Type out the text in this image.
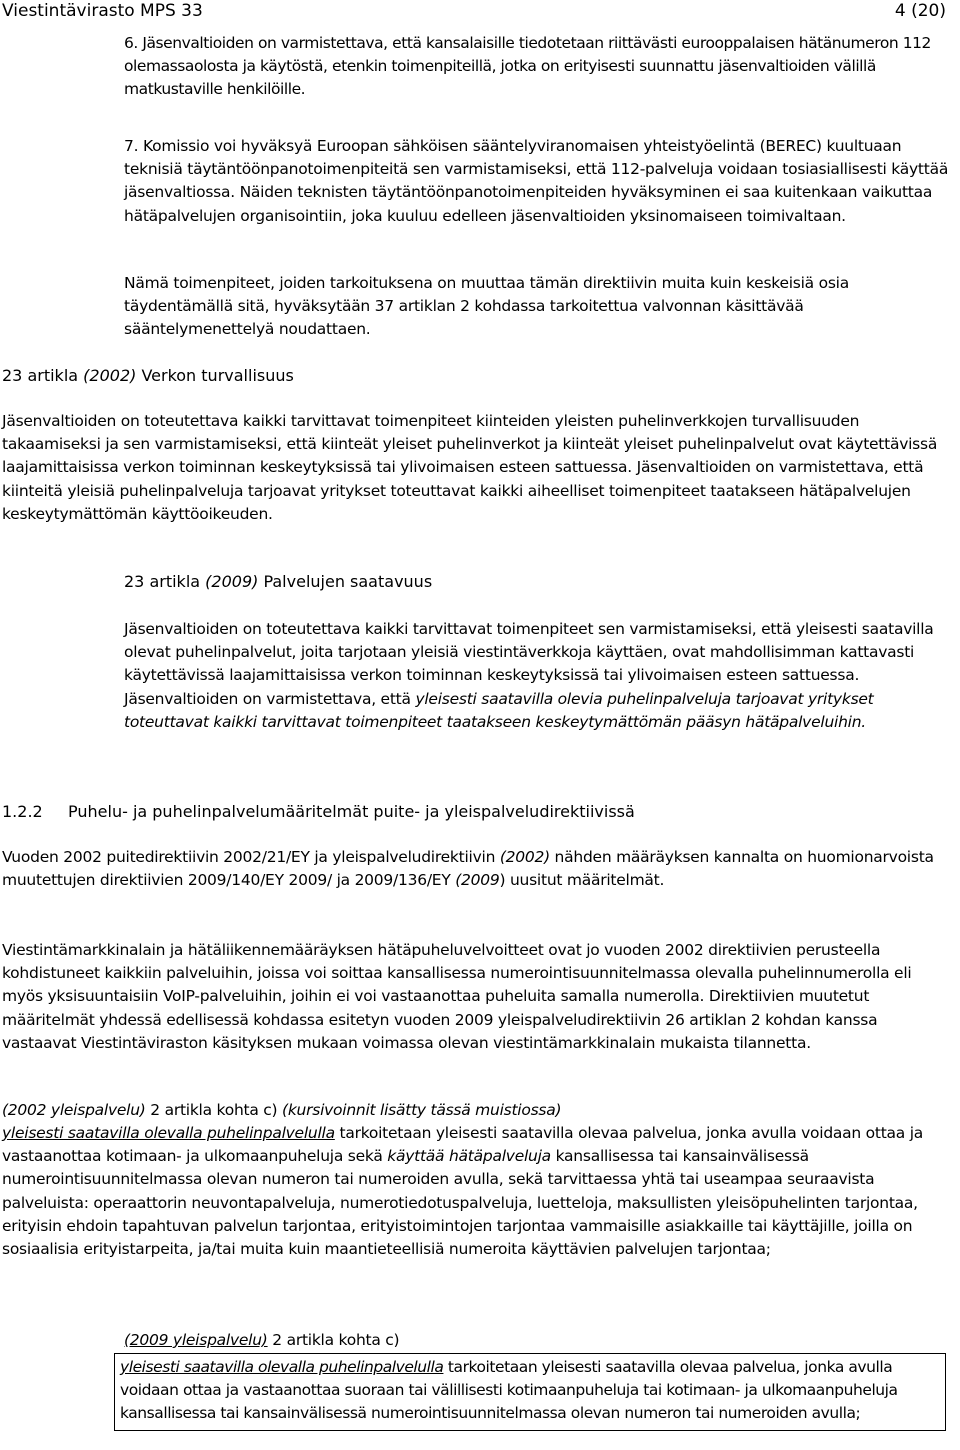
Viestintävirasto MPS 33	4 (20)

6. Jäsenvaltioiden on varmistettava, että kansalaisille tiedotetaan riittävästi eurooppalaisen hätänumeron 112 olemassaolosta ja käytöstä, etenkin toimenpiteillä, jotka on erityisesti suunnattu jäsenvaltioiden välillä matkustaville henkilöille.

7. Komissio voi hyväksyä Euroopan sähköisen sääntelyviranomaisen yhteistyöelintä (BEREC) kuultuaan teknisiä täytäntöönpanotoimenpiteitä sen varmistamiseksi, että 112-palveluja voidaan tosiasiallisesti käyttää jäsenvaltiossa. Näiden teknisten täytäntöönpanotoimenpiteiden hyväksyminen ei saa kuitenkaan vaikuttaa hätäpalvelujen organisointiin, joka kuuluu edelleen jäsenvaltioiden yksinomaiseen toimivaltaan.

Nämä toimenpiteet, joiden tarkoituksena on muuttaa tämän direktiivin muita kuin keskeisiä osia täydentämällä sitä, hyväksytään 37 artiklan 2 kohdassa tarkoitettua valvonnan käsittävää sääntelymenettelyä noudattaen.

23 artikla (2002) Verkon turvallisuus

Jäsenvaltioiden on toteutettava kaikki tarvittavat toimenpiteet kiinteiden yleisten puhelinverkkojen turvallisuuden takaamiseksi ja sen varmistamiseksi, että kiinteät yleiset puhelinverkot ja kiinteät yleiset puhelinpalvelut ovat käytettävissä laajamittaisissa verkon toiminnan keskeytyksissä tai ylivoimaisen esteen sattuessa. Jäsenvaltioiden on varmistettava, että kiinteitä yleisiä puhelinpalveluja tarjoavat yritykset toteuttavat kaikki aiheelliset toimenpiteet taatakseen hätäpalvelujen keskeytymättömän käyttöoikeuden.

23 artikla (2009) Palvelujen saatavuus

Jäsenvaltioiden on toteutettava kaikki tarvittavat toimenpiteet sen varmistamiseksi, että yleisesti saatavilla olevat puhelinpalvelut, joita tarjotaan yleisiä viestintäverkkoja käyttäen, ovat mahdollisimman kattavasti käytettävissä laajamittaisissa verkon toiminnan keskeytyksissä tai ylivoimaisen esteen sattuessa. Jäsenvaltioiden on varmistettava, että yleisesti saatavilla olevia puhelinpalveluja tarjoavat yritykset toteuttavat kaikki tarvittavat toimenpiteet taatakseen keskeytymättömän pääsyn hätäpalveluihin.

1.2.2 Puhelu- ja puhelinpalvelumääritelmät puite- ja yleispalveludirektiivissä

Vuoden 2002 puitedirektiivin 2002/21/EY ja yleispalveludirektiivin (2002) nähden määräyksen kannalta on huomionarvoista muutettujen direktiivien 2009/140/EY 2009/ ja 2009/136/EY (2009) uusitut määritelmät.

Viestintämarkkinalain ja hätäliikennemääräyksen hätäpuheluvelvoitteet ovat jo vuoden 2002 direktiivien perusteella kohdistuneet kaikkiin palveluihin, joissa voi soittaa kansallisessa numerointisuunnitelmassa olevalla puhelinnumerolla eli myös yksisuuntaisiin VoIP-palveluihin, joihin ei voi vastaanottaa puheluita samalla numerolla. Direktiivien muutetut määritelmät yhdessä edellisessä kohdassa esitetyn vuoden 2009 yleispalveludirektiivin 26 artiklan 2 kohdan kanssa vastaavat Viestintäviraston käsityksen mukaan voimassa olevan viestintämarkkinalain mukaista tilannetta.

(2002 yleispalvelu) 2 artikla kohta c) (kursivoinnit lisätty tässä muistiossa)

yleisesti saatavilla olevalla puhelinpalvelulla tarkoitetaan yleisesti saatavilla olevaa palvelua, jonka avulla voidaan ottaa ja vastaanottaa kotimaan- ja ulkomaanpuheluja sekä käyttää hätäpalveluja kansallisessa tai kansainvälisessä numerointisuunnitelmassa olevan numeron tai numeroiden avulla, sekä tarvittaessa yhtä tai useampaa seuraavista palveluista: operaattorin neuvontapalveluja, numerotiedotuspalveluja, luetteloja, maksullisten yleisöpuhelinten tarjontaa, erityisin ehdoin tapahtuvan palvelun tarjontaa, erityistoimintojen tarjontaa vammaisille asiakkaille tai käyttäjille, joilla on sosiaalisia erityistarpeita, ja/tai muita kuin maantieteellisiä numeroita käyttävien palvelujen tarjontaa;

(2009 yleispalvelu) 2 artikla kohta c)

yleisesti saatavilla olevalla puhelinpalvelulla tarkoitetaan yleisesti saatavilla olevaa palvelua, jonka avulla voidaan ottaa ja vastaanottaa suoraan tai välillisesti kotimaanpuheluja tai kotimaan- ja ulkomaanpuheluja kansallisessa tai kansainvälisessä numerointisuunnitelmassa olevan numeron tai numeroiden avulla;
